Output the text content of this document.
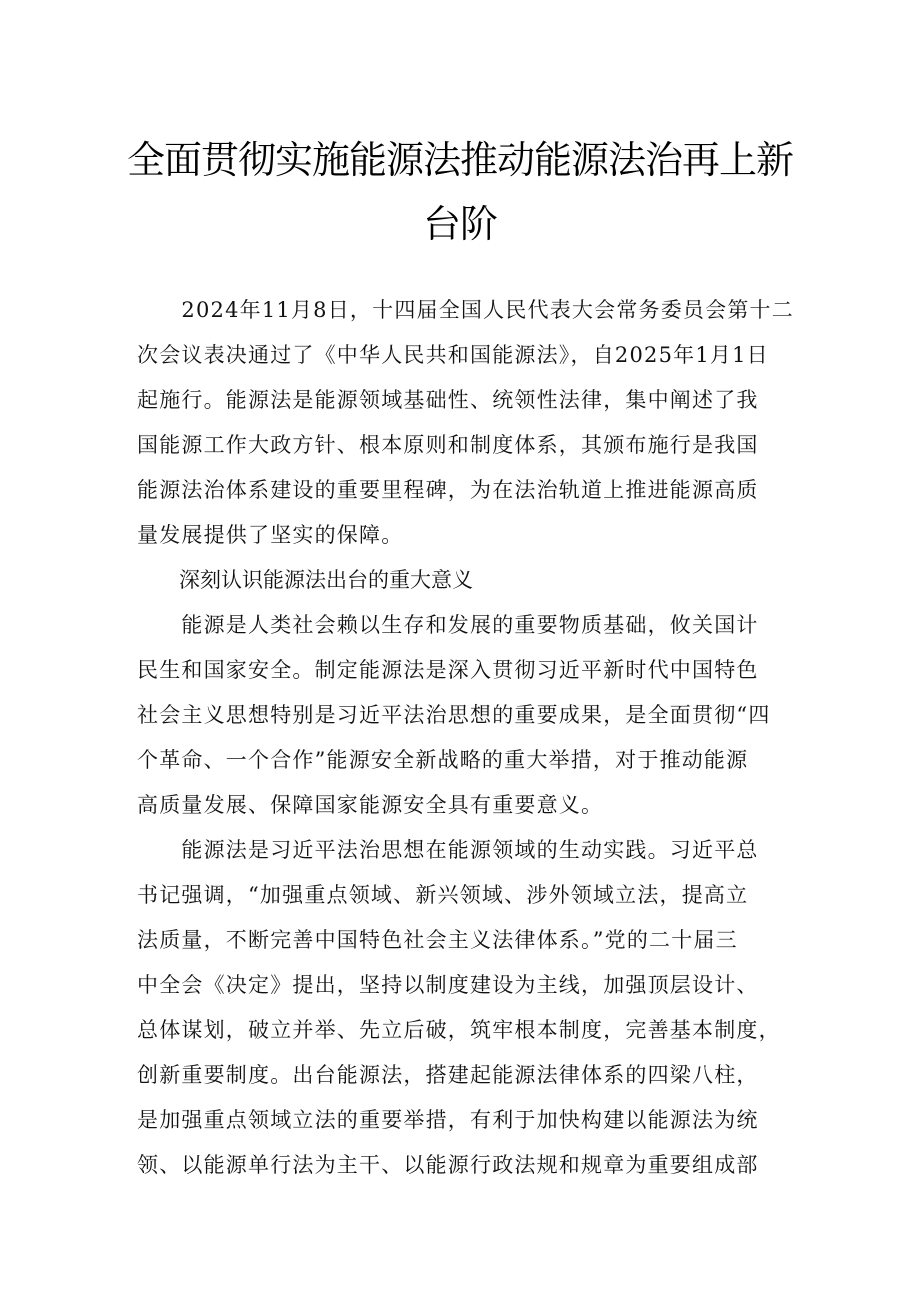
全面贯彻实施能源法推动能源法治再上新
台阶
　　2024年11月8日，十四届全国人民代表大会常务委员会第十二
次会议表决通过了《中华人民共和国能源法》，自2025年1月1日
起施行。能源法是能源领域基础性、统领性法律，集中阐述了我
国能源工作大政方针、根本原则和制度体系，其颁布施行是我国
能源法治体系建设的重要里程碑，为在法治轨道上推进能源高质
量发展提供了坚实的保障。
　　深刻认识能源法出台的重大意义
　　能源是人类社会赖以生存和发展的重要物质基础，攸关国计
民生和国家安全。制定能源法是深入贯彻习近平新时代中国特色
社会主义思想特别是习近平法治思想的重要成果，是全面贯彻“四
个革命、一个合作”能源安全新战略的重大举措，对于推动能源
高质量发展、保障国家能源安全具有重要意义。
　　能源法是习近平法治思想在能源领域的生动实践。习近平总
书记强调，“加强重点领域、新兴领域、涉外领域立法，提高立
法质量，不断完善中国特色社会主义法律体系。”党的二十届三
中全会《决定》提出，坚持以制度建设为主线，加强顶层设计、
总体谋划，破立并举、先立后破，筑牢根本制度，完善基本制度，
创新重要制度。出台能源法，搭建起能源法律体系的四梁八柱，
是加强重点领域立法的重要举措，有利于加快构建以能源法为统
领、以能源单行法为主干、以能源行政法规和规章为重要组成部
